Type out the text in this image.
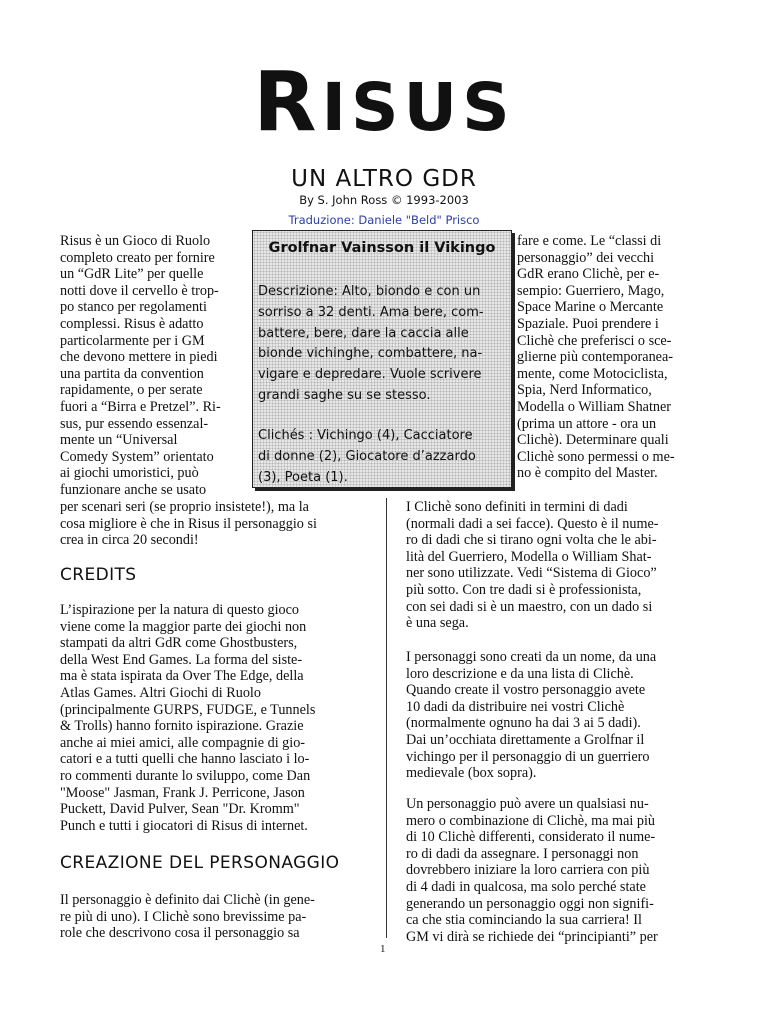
RISUS
UN ALTRO GDR
By S. John Ross © 1993-2003
Traduzione: Daniele "Beld" Prisco
Risus è un Gioco di Ruolo
completo creato per fornire
un “GdR Lite” per quelle
notti dove il cervello è trop-
po stanco per regolamenti
complessi. Risus è adatto
particolarmente per i GM
che devono mettere in piedi
una partita da convention
rapidamente, o per serate
fuori a “Birra e Pretzel”. Ri-
sus, pur essendo essenzal-
mente un “Universal
Comedy System” orientato
ai giochi umoristici, può
funzionare anche se usato
per scenari seri (se proprio insistete!), ma la
cosa migliore è che in Risus il personaggio si
crea in circa 20 secondi!
CREDITS
L’ispirazione per la natura di questo gioco
viene come la maggior parte dei giochi non
stampati da altri GdR come Ghostbusters,
della West End Games. La forma del siste-
ma è stata ispirata da Over The Edge, della
Atlas Games. Altri Giochi di Ruolo
(principalmente GURPS, FUDGE, e Tunnels
& Trolls) hanno fornito ispirazione. Grazie
anche ai miei amici, alle compagnie di gio-
catori e a tutti quelli che hanno lasciato i lo-
ro commenti durante lo sviluppo, come Dan
"Moose" Jasman, Frank J. Perricone, Jason
Puckett, David Pulver, Sean "Dr. Kromm"
Punch e tutti i giocatori di Risus di internet.
CREAZIONE DEL PERSONAGGIO
Il personaggio è definito dai Clichè (in gene-
re più di uno). I Clichè sono brevissime pa-
role che descrivono cosa il personaggio sa
Grolfnar Vainsson il Vikingo
Descrizione: Alto, biondo e con un
sorriso a 32 denti. Ama bere, com-
battere, bere, dare la caccia alle
bionde vichinghe, combattere, na-
vigare e depredare. Vuole scrivere
grandi saghe su se stesso.
Clichés : Vichingo (4), Cacciatore
di donne (2), Giocatore d’azzardo
(3), Poeta (1).
fare e come. Le “classi di
personaggio” dei vecchi
GdR erano Clichè, per e-
sempio: Guerriero, Mago,
Space Marine o Mercante
Spaziale. Puoi prendere i
Clichè che preferisci o sce-
glierne più contemporanea-
mente, come Motociclista,
Spia, Nerd Informatico,
Modella o William Shatner
(prima un attore - ora un
Clichè). Determinare quali
Clichè sono permessi o me-
no è compito del Master.
I Clichè sono definiti in termini di dadi
(normali dadi a sei facce). Questo è il nume-
ro di dadi che si tirano ogni volta che le abi-
lità del Guerriero, Modella o William Shat-
ner sono utilizzate. Vedi “Sistema di Gioco”
più sotto. Con tre dadi si è professionista,
con sei dadi si è un maestro, con un dado si
è una sega.
I personaggi sono creati da un nome, da una
loro descrizione e da una lista di Clichè.
Quando create il vostro personaggio avete
10 dadi da distribuire nei vostri Clichè
(normalmente ognuno ha dai 3 ai 5 dadi).
Dai un’occhiata direttamente a Grolfnar il
vichingo per il personaggio di un guerriero
medievale (box sopra).
Un personaggio può avere un qualsiasi nu-
mero o combinazione di Clichè, ma mai più
di 10 Clichè differenti, considerato il nume-
ro di dadi da assegnare. I personaggi non
dovrebbero iniziare la loro carriera con più
di 4 dadi in qualcosa, ma solo perché state
generando un personaggio oggi non signifi-
ca che stia cominciando la sua carriera! Il
GM vi dirà se richiede dei “principianti” per
1
